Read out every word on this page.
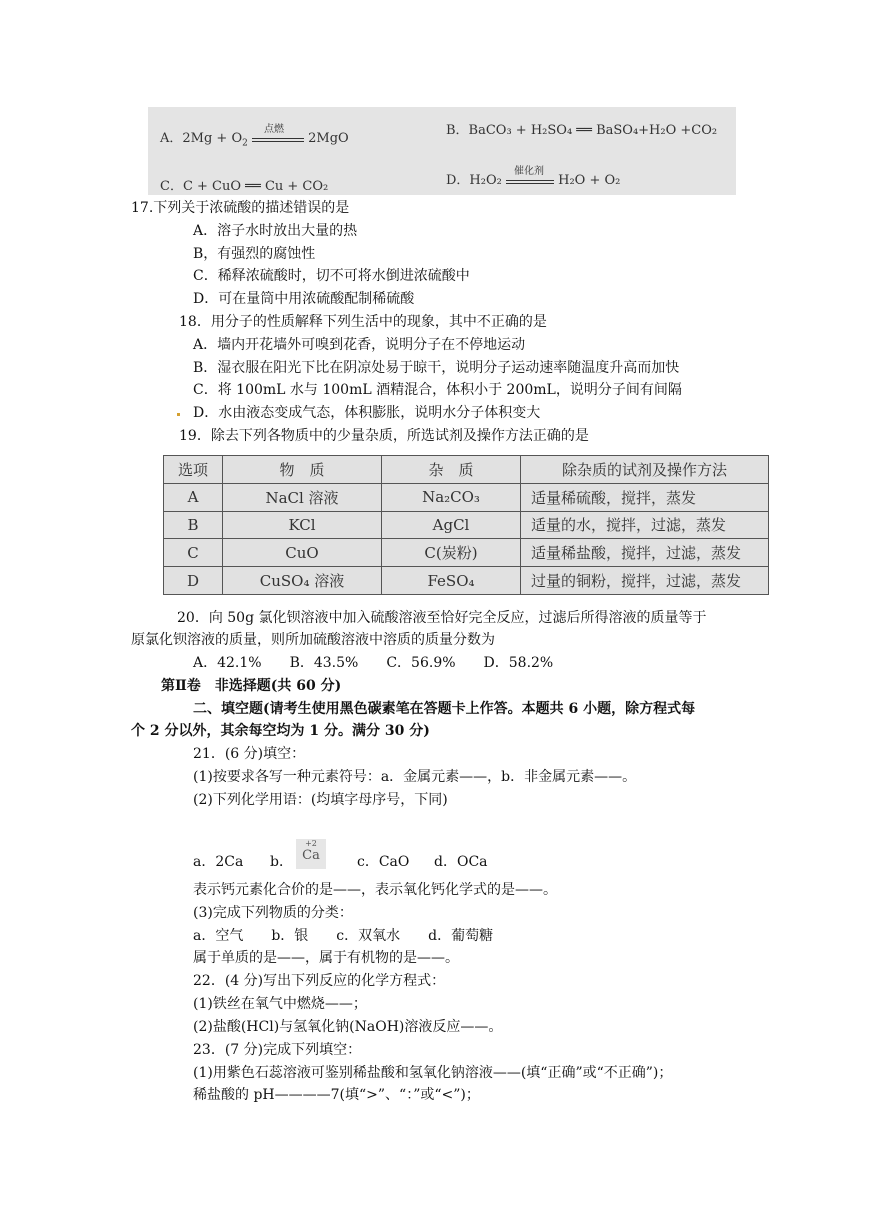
A．$2Mg + O_2$
点燃
2MgO
B．BaCO₃ + H₂SO₄ ══ BaSO₄+H₂O +CO₂
C．C + CuO ══ Cu + CO₂	D．H₂O₂
催化剂
H₂O + O₂
17.下列关于浓硫酸的描述错误的是
A．溶子水时放出大量的热
B，有强烈的腐蚀性
C．稀释浓硫酸时，切不可将水倒进浓硫酸中
D．可在量筒中用浓硫酸配制稀硫酸
18．用分子的性质解释下列生活中的现象，其中不正确的是
A．墙内开花墙外可嗅到花香，说明分子在不停地运动
B．湿衣服在阳光下比在阴凉处易于晾干，说明分子运动速率随温度升高而加快
C．将 100mL 水与 100mL 酒精混合，体积小于 200mL，说明分子间有间隔
D．水由液态变成气态，体积膨胀，说明水分子体积变大
19．除去下列各物质中的少量杂质，所选试剂及操作方法正确的是
选项	物　质	杂　质	除杂质的试剂及操作方法
A	NaCl 溶液	Na₂CO₃	适量稀硫酸，搅拌，蒸发
B	KCl	AgCl	适量的水，搅拌，过滤，蒸发
C	CuO	C(炭粉)	适量稀盐酸，搅拌，过滤，蒸发
D	CuSO₄ 溶液	FeSO₄	过量的铜粉，搅拌，过滤，蒸发
20．向 50g 氯化钡溶液中加入硫酸溶液至恰好完全反应，过滤后所得溶液的质量等于
原氯化钡溶液的质量，则所加硫酸溶液中溶质的质量分数为
A．42.1%　　B．43.5%　　C．56.9%　　D．58.2%
第Ⅱ卷　非选择题(共 60 分)
二、填空题(请考生使用黑色碳素笔在答题卡上作答。本题共 6 小题，除方程式每
个 2 分以外，其余每空均为 1 分。满分 30 分)
21．(6 分)填空：
(1)按要求各写一种元素符号：a．金属元素——，b．非金属元素——。
(2)下列化学用语：(均填字母序号，下同)
a．2Ca b．
+2
Ca	c．CaO d．OCa
表示钙元素化合价的是——，表示氧化钙化学式的是——。
(3)完成下列物质的分类：
a．空气　　b．银　　c．双氧水　　d．葡萄糖
属于单质的是——，属于有机物的是——。
22．(4 分)写出下列反应的化学方程式：
(1)铁丝在氧气中燃烧——；
(2)盐酸(HCl)与氢氧化钠(NaOH)溶液反应——。
23．(7 分)完成下列填空：
(1)用紫色石蕊溶液可鉴别稀盐酸和氢氧化钠溶液——(填“正确”或“不正确”)；
稀盐酸的 pH————7(填“>”、“：”或“<”)；
